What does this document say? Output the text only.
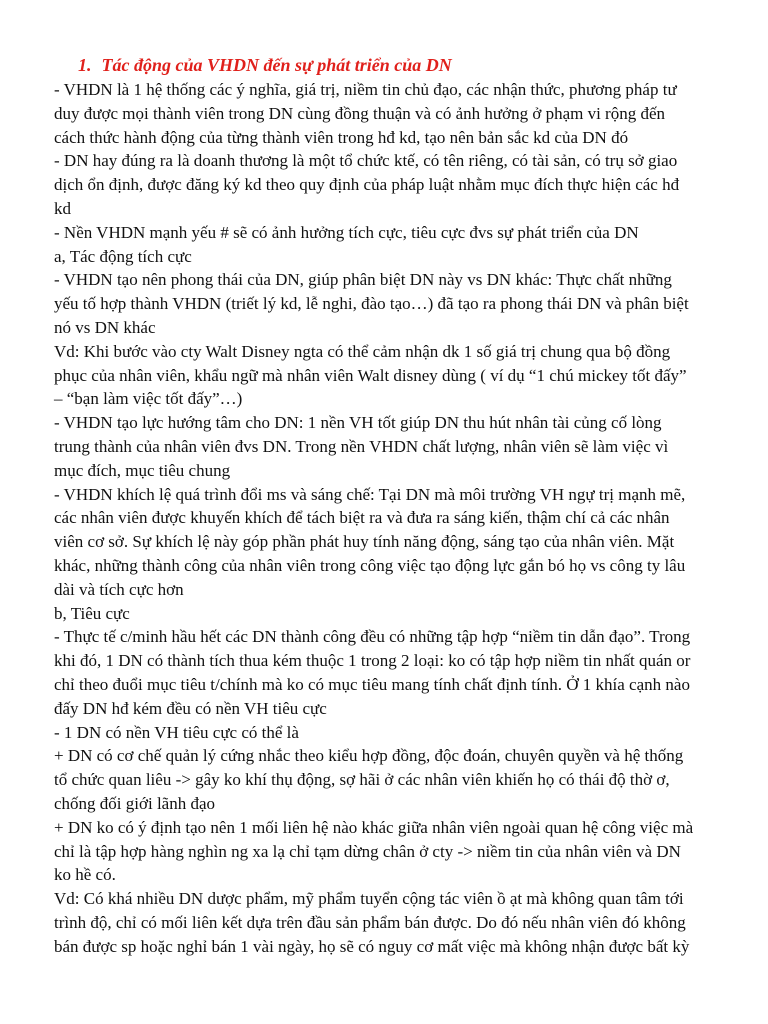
1. Tác động của VHDN đến sự phát triển của DN
- VHDN là 1 hệ thống các ý nghĩa, giá trị, niềm tin chủ đạo, các nhận thức, phương pháp tư
duy được mọi thành viên trong DN cùng đồng thuận và có ảnh hưởng ở phạm vi rộng đến
cách thức hành động của từng thành viên trong hđ kd, tạo nên bản sắc kd của DN đó
- DN hay đúng ra là doanh thương là một tổ chức ktế, có tên riêng, có tài sản, có trụ sở giao
dịch ổn định, được đăng ký kd theo quy định của pháp luật nhằm mục đích thực hiện các hđ
kd
- Nền VHDN mạnh yếu # sẽ có ảnh hưởng tích cực, tiêu cực đvs sự phát triển của DN
a, Tác động tích cực
- VHDN tạo nên phong thái của DN, giúp phân biệt DN này vs DN khác: Thực chất những
yếu tố hợp thành VHDN (triết lý kd, lễ nghi, đào tạo…) đã tạo ra phong thái DN và phân biệt
nó vs DN khác
Vd: Khi bước vào cty Walt Disney ngta có thể cảm nhận dk 1 số giá trị chung qua bộ đồng
phục của nhân viên, khẩu ngữ mà nhân viên Walt disney dùng ( ví dụ “1 chú mickey tốt đấy”
– “bạn làm việc tốt đấy”…)
- VHDN tạo lực hướng tâm cho DN: 1 nền VH tốt giúp DN thu hút nhân tài củng cố lòng
trung thành của nhân viên đvs DN. Trong nền VHDN chất lượng, nhân viên sẽ làm việc vì
mục đích, mục tiêu chung
- VHDN khích lệ quá trình đổi ms và sáng chế: Tại DN mà môi trường VH ngự trị mạnh mẽ,
các nhân viên được khuyến khích để tách biệt ra và đưa ra sáng kiến, thậm chí cả các nhân
viên cơ sở. Sự khích lệ này góp phần phát huy tính năng động, sáng tạo của nhân viên. Mặt
khác, những thành công của nhân viên trong công việc tạo động lực gắn bó họ vs công ty lâu
dài và tích cực hơn
b, Tiêu cực
- Thực tế c/minh hầu hết các DN thành công đều có những tập hợp “niềm tin dẫn đạo”. Trong
khi đó, 1 DN có thành tích thua kém thuộc 1 trong 2 loại: ko có tập hợp niềm tin nhất quán or
chỉ theo đuổi mục tiêu t/chính mà ko có mục tiêu mang tính chất định tính. Ở 1 khía cạnh nào
đấy DN hđ kém đều có nền VH tiêu cực
- 1 DN có nền VH tiêu cực có thể là
+ DN có cơ chế quản lý cứng nhắc theo kiểu hợp đồng, độc đoán, chuyên quyền và hệ thống
tổ chức quan liêu -> gây ko khí thụ động, sợ hãi ở các nhân viên khiến họ có thái độ thờ ơ,
chống đối giới lãnh đạo
+ DN ko có ý định tạo nên 1 mối liên hệ nào khác giữa nhân viên ngoài quan hệ công việc mà
chỉ là tập hợp hàng nghìn ng xa lạ chỉ tạm dừng chân ở cty -> niềm tin của nhân viên và DN
ko hề có.
Vd: Có khá nhiều DN dược phẩm, mỹ phẩm tuyển cộng tác viên ồ ạt mà không quan tâm tới
trình độ, chỉ có mối liên kết dựa trên đầu sản phẩm bán được. Do đó nếu nhân viên đó không
bán được sp hoặc nghỉ bán 1 vài ngày, họ sẽ có nguy cơ mất việc mà không nhận được bất kỳ
